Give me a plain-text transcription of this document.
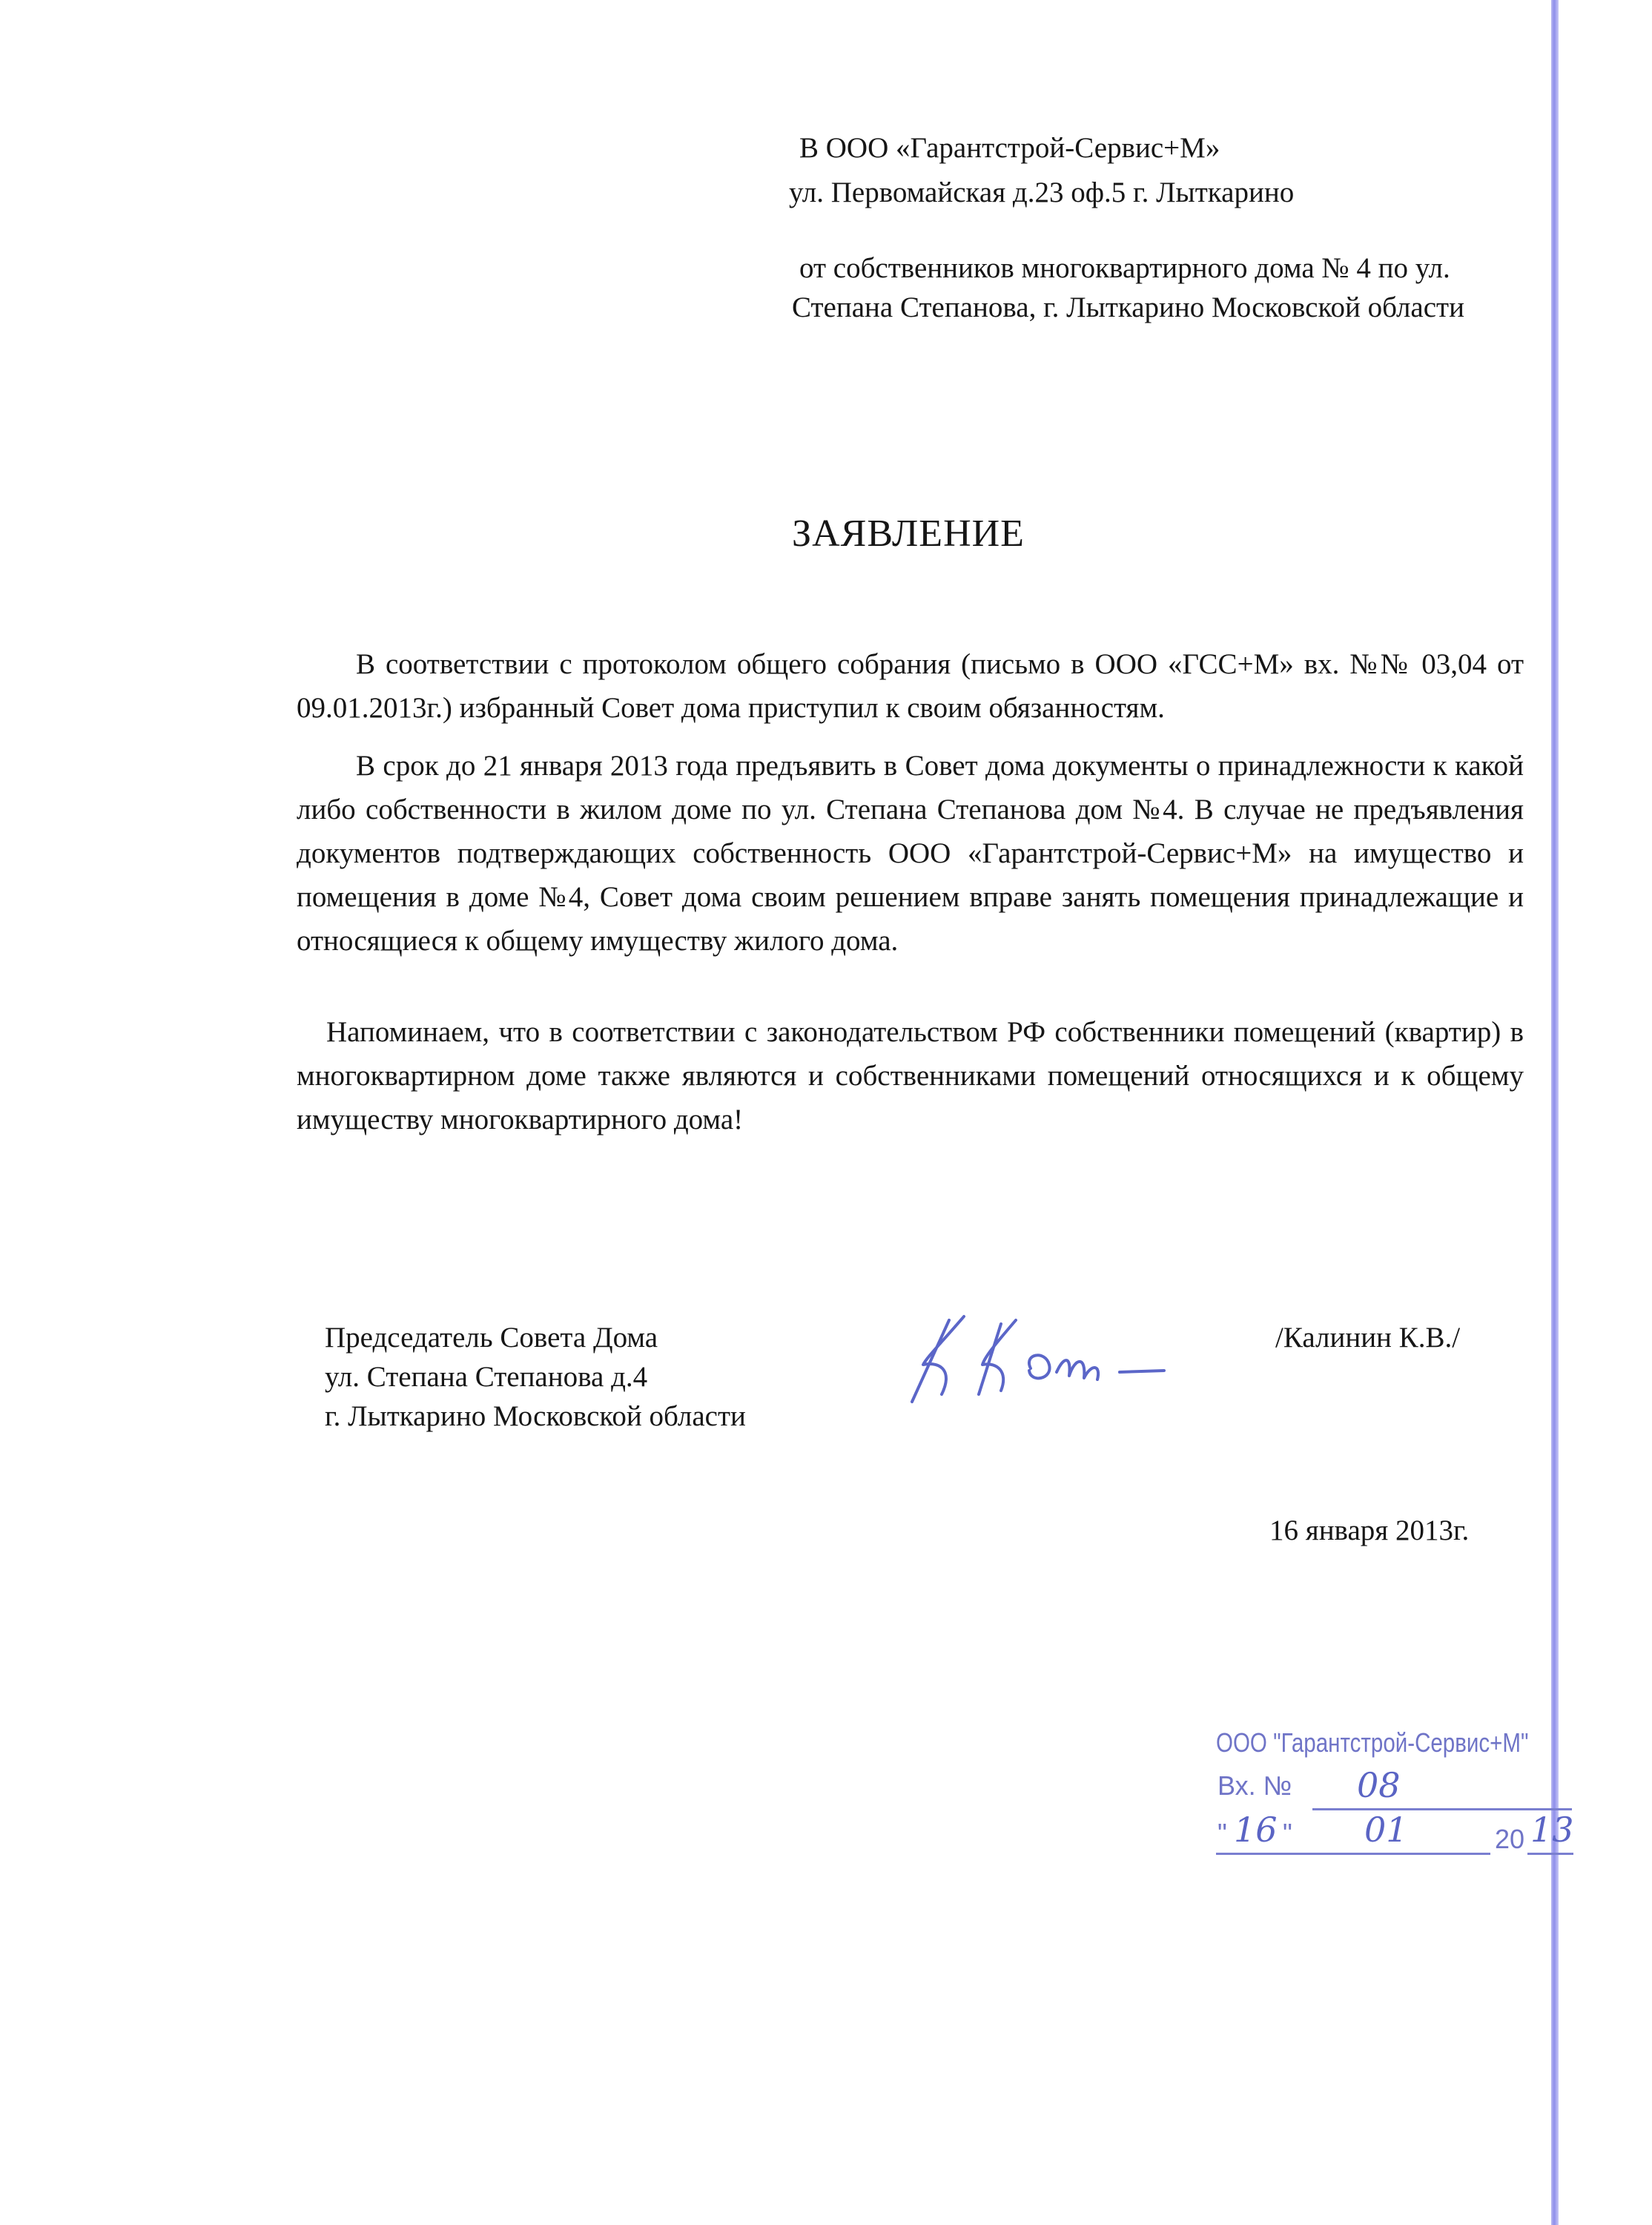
В ООО «Гарантстрой-Сервис+М»
ул. Первомайская д.23 оф.5 г. Лыткарино
от собственников многоквартирного дома № 4 по ул.
Степана Степанова, г. Лыткарино Московской области
ЗАЯВЛЕНИЕ

В соответствии с протоколом общего собрания (письмо в ООО «ГСС+М» вх. №№ 03,04 от 09.01.2013г.) избранный Совет дома приступил к своим обязанностям.

В срок до 21 января 2013 года предъявить в Совет дома документы о принадлежности к какой либо собственности в жилом доме по ул. Степана Степанова дом №4. В случае не предъявления документов подтверждающих собственность ООО «Гарантстрой-Сервис+М» на имущество и помещения в доме №4, Совет дома своим решением вправе занять помещения принадлежащие и относящиеся к общему имуществу жилого дома.

Напоминаем, что в соответствии с законодательством РФ собственники помещений (квартир) в многоквартирном доме также являются и собственниками помещений относящихся и к общему имуществу многоквартирного дома!

Председатель Совета Дома
ул. Степана Степанова д.4
г. Лыткарино Московской области
/Калинин К.В./
16 января 2013г.
ООО "Гарантстрой-Сервис+М"
Вх. № 08
" 16 " 01	20 13
